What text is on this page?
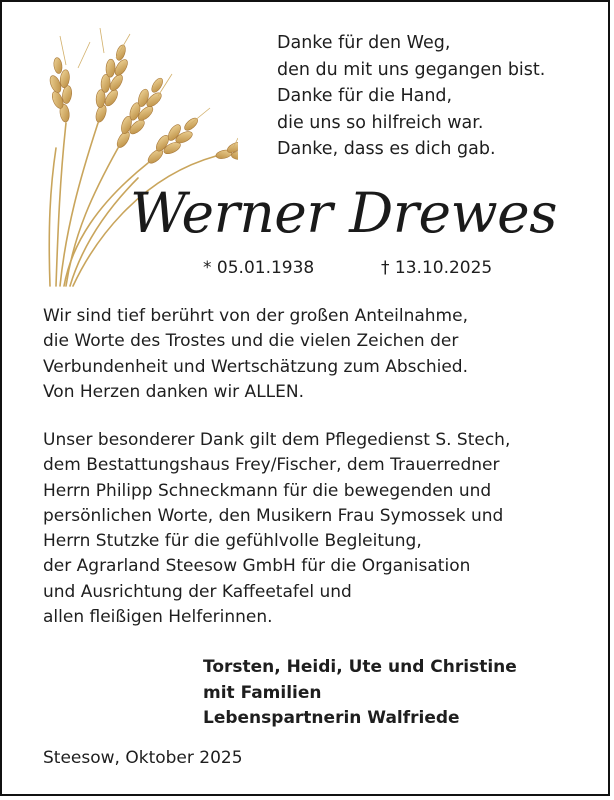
Danke für den Weg,
den du mit uns gegangen bist.
Danke für die Hand,
die uns so hilfreich war.
Danke, dass es dich gab.
Werner Drewes
* 05.01.1938	† 13.10.2025
Wir sind tief berührt von der großen Anteilnahme,
die Worte des Trostes und die vielen Zeichen der
Verbundenheit und Wertschätzung zum Abschied.
Von Herzen danken wir ALLEN.
Unser besonderer Dank gilt dem Pflegedienst S. Stech,
dem Bestattungshaus Frey/Fischer, dem Trauerredner
Herrn Philipp Schneckmann für die bewegenden und
persönlichen Worte, den Musikern Frau Symossek und
Herrn Stutzke für die gefühlvolle Begleitung,
der Agrarland Steesow GmbH für die Organisation
und Ausrichtung der Kaffeetafel und
allen fleißigen Helferinnen.
Torsten, Heidi, Ute und Christine
mit Familien
Lebenspartnerin Walfriede
Steesow, Oktober 2025
